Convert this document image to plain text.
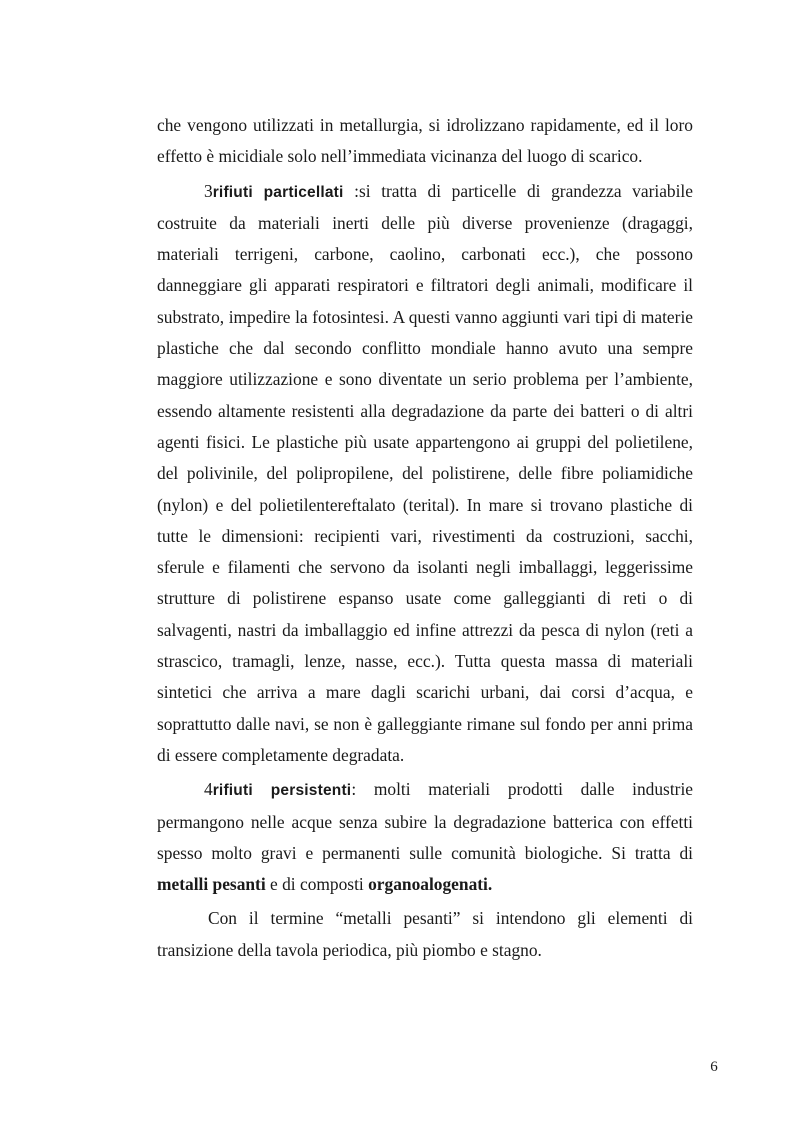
che vengono utilizzati in metallurgia, si idrolizzano rapidamente, ed il loro effetto è micidiale solo nell’immediata vicinanza del luogo di scarico.

3rifiuti particellati :si tratta di particelle di grandezza variabile costruite da materiali inerti delle più diverse provenienze (dragaggi, materiali terrigeni, carbone, caolino, carbonati ecc.), che possono danneggiare gli apparati respiratori e filtratori degli animali, modificare il substrato, impedire la fotosintesi. A questi vanno aggiunti vari tipi di materie plastiche che dal secondo conflitto mondiale hanno avuto una sempre maggiore utilizzazione e sono diventate un serio problema per l’ambiente, essendo altamente resistenti alla degradazione da parte dei batteri o di altri agenti fisici. Le plastiche più usate appartengono ai gruppi del polietilene, del polivinile, del polipropilene, del polistirene, delle fibre poliamidiche (nylon) e del polietilentereftalato (terital). In mare si trovano plastiche di tutte le dimensioni: recipienti vari, rivestimenti da costruzioni, sacchi, sferule e filamenti che servono da isolanti negli imballaggi, leggerissime strutture di polistirene espanso usate come galleggianti di reti o di salvagenti, nastri da imballaggio ed infine attrezzi da pesca di nylon (reti a strascico, tramagli, lenze, nasse, ecc.). Tutta questa massa di materiali sintetici che arriva a mare dagli scarichi urbani, dai corsi d’acqua, e soprattutto dalle navi, se non è galleggiante rimane sul fondo per anni prima di essere completamente degradata.

4rifiuti persistenti: molti materiali prodotti dalle industrie permangono nelle acque senza subire la degradazione batterica con effetti spesso molto gravi e permanenti sulle comunità biologiche. Si tratta di metalli pesanti e di composti organoalogenati.

Con il termine “metalli pesanti” si intendono gli elementi di transizione della tavola periodica, più piombo e stagno.

6
